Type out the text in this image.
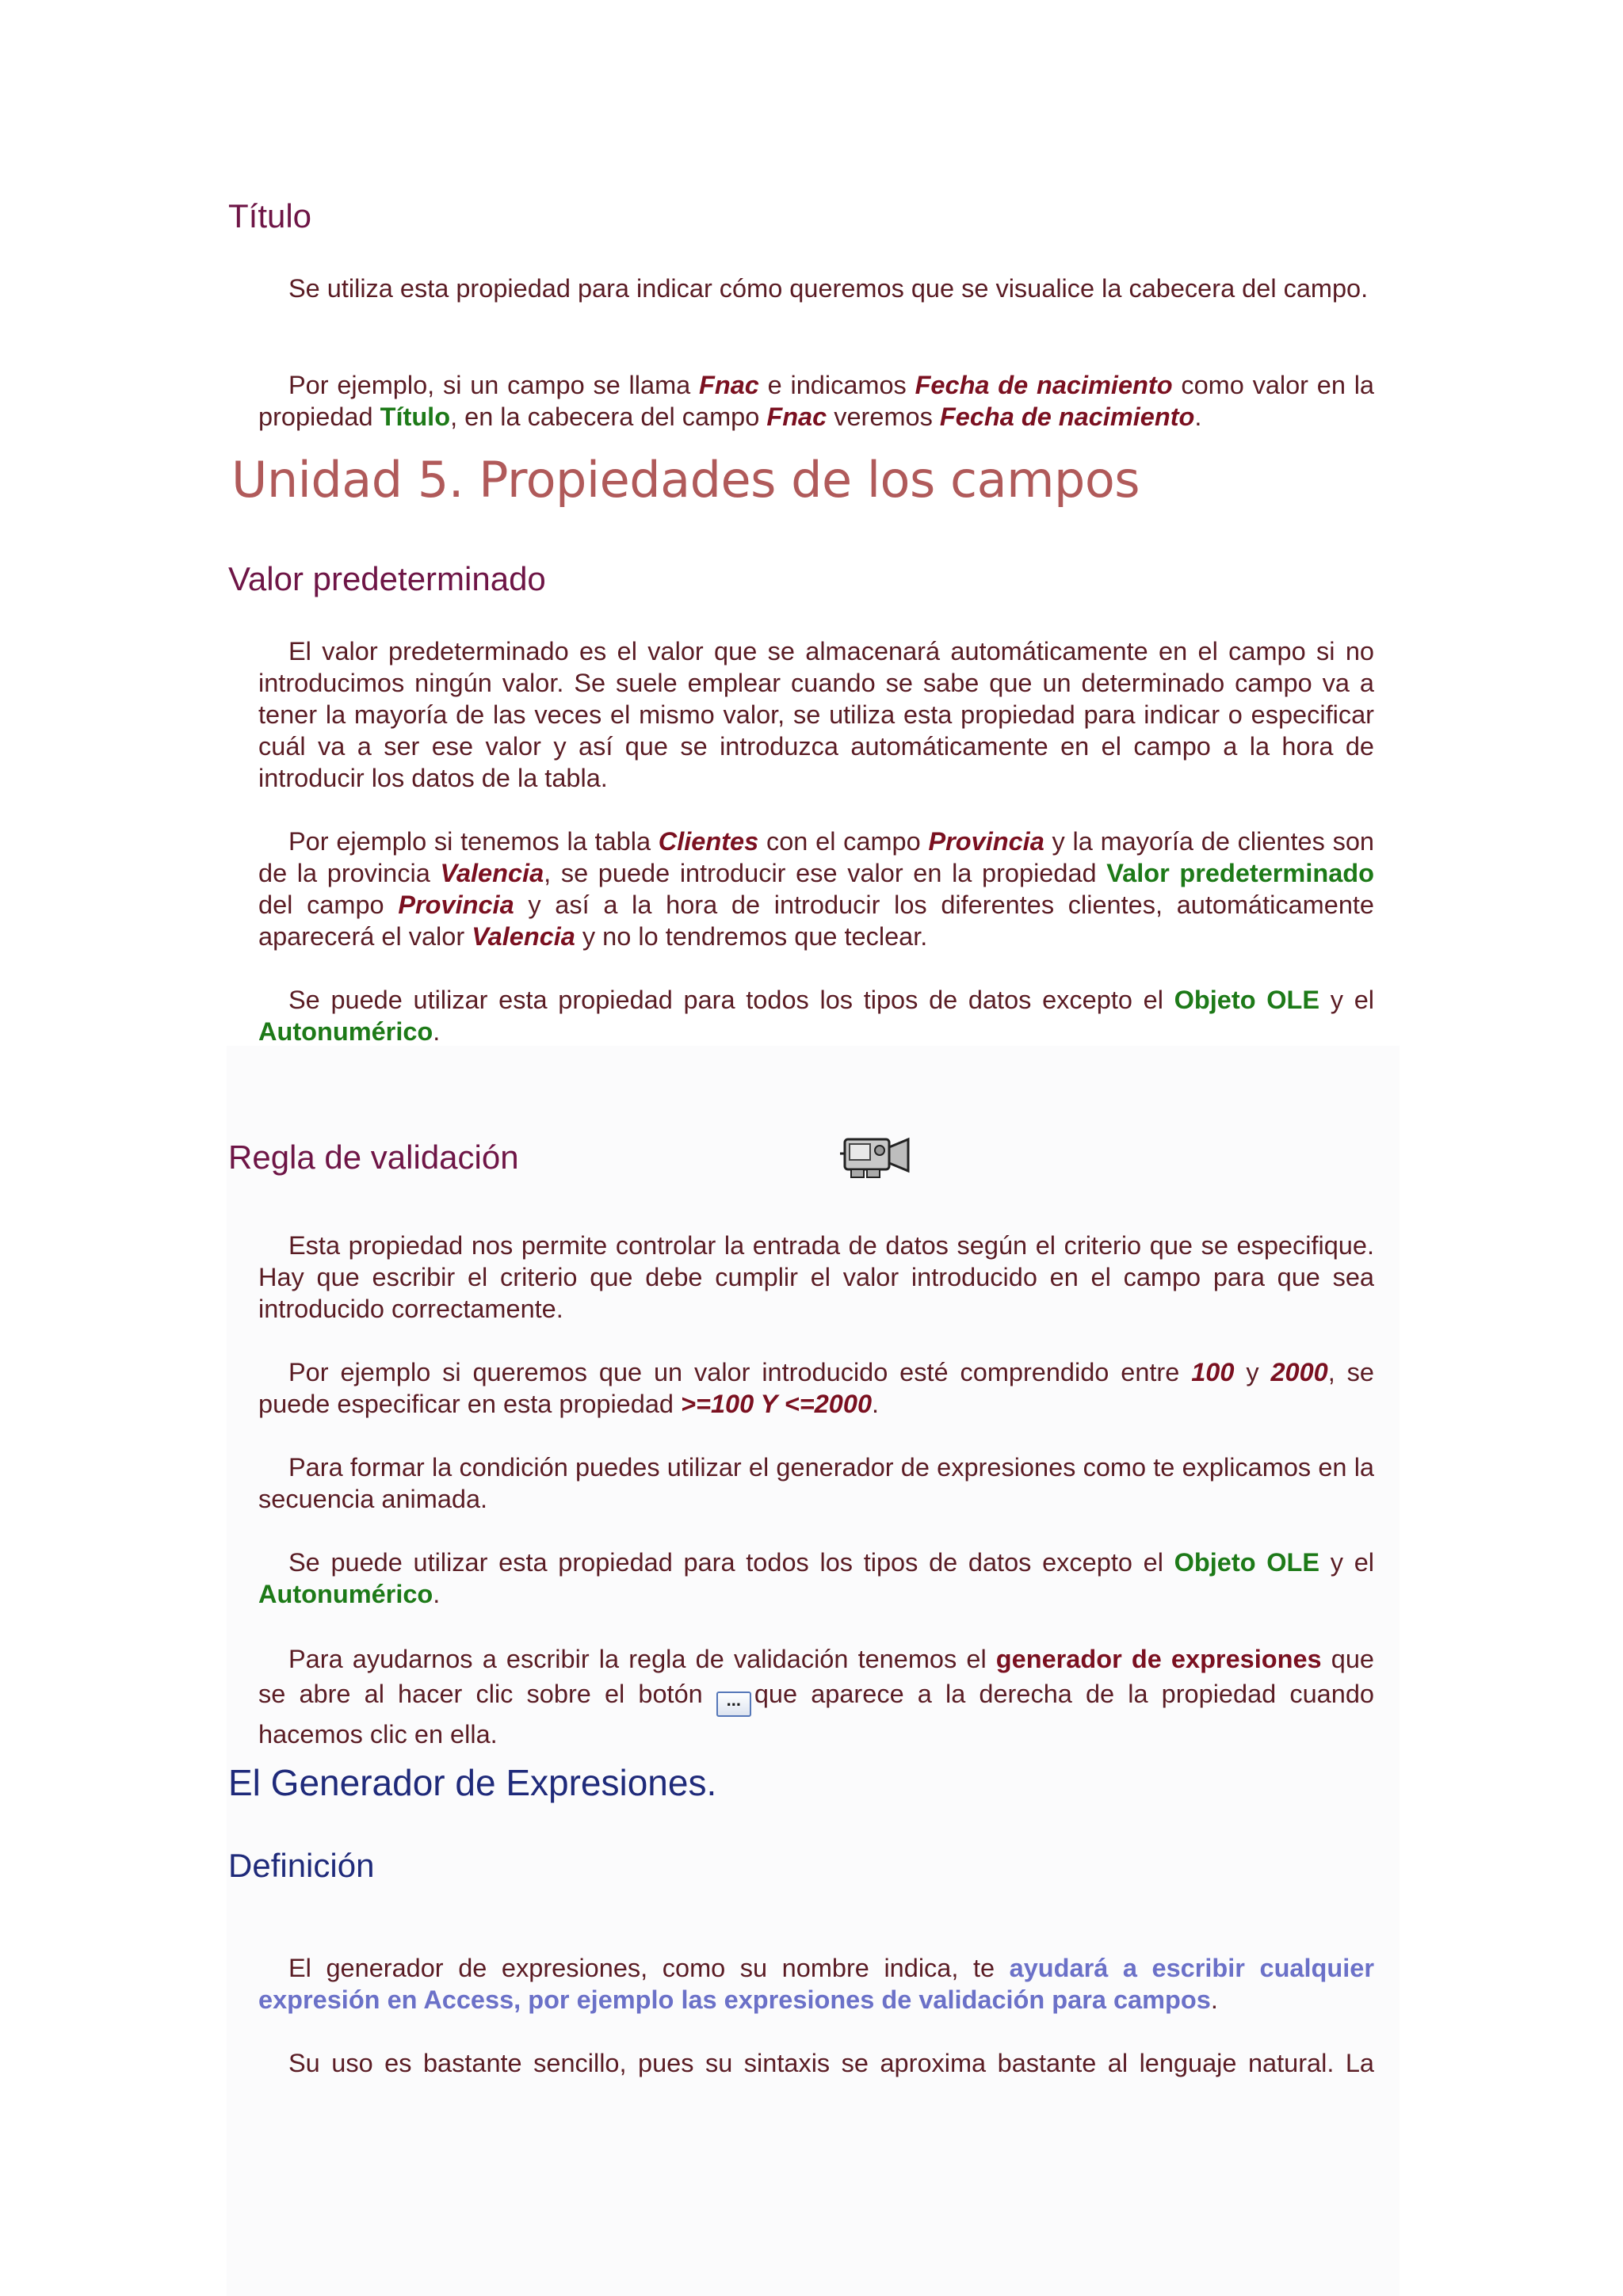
Título

Se utiliza esta propiedad para indicar cómo queremos que se visualice la cabecera del campo.

Por ejemplo, si un campo se llama Fnac e indicamos Fecha de nacimiento como valor en la propiedad Título, en la cabecera del campo Fnac veremos Fecha de nacimiento.

Unidad 5. Propiedades de los campos
Valor predeterminado

El valor predeterminado es el valor que se almacenará automáticamente en el campo si no introducimos ningún valor. Se suele emplear cuando se sabe que un determinado campo va a tener la mayoría de las veces el mismo valor, se utiliza esta propiedad para indicar o especificar cuál va a ser ese valor y así que se introduzca automáticamente en el campo a la hora de introducir los datos de la tabla.

Por ejemplo si tenemos la tabla Clientes con el campo Provincia y la mayoría de clientes son de la provincia Valencia, se puede introducir ese valor en la propiedad Valor predeterminado del campo Provincia y así a la hora de introducir los diferentes clientes, automáticamente aparecerá el valor Valencia y no lo tendremos que teclear.

Se puede utilizar esta propiedad para todos los tipos de datos excepto el Objeto OLE y el Autonumérico.

Regla de validación

Esta propiedad nos permite controlar la entrada de datos según el criterio que se especifique. Hay que escribir el criterio que debe cumplir el valor introducido en el campo para que sea introducido correctamente.

Por ejemplo si queremos que un valor introducido esté comprendido entre 100 y 2000, se puede especificar en esta propiedad >=100 Y <=2000.

Para formar la condición puedes utilizar el generador de expresiones como te explicamos en la secuencia animada.

Se puede utilizar esta propiedad para todos los tipos de datos excepto el Objeto OLE y el Autonumérico.

Para ayudarnos a escribir la regla de validación tenemos el generador de expresiones que se abre al hacer clic sobre el botón ... que aparece a la derecha de la propiedad cuando hacemos clic en ella.

El Generador de Expresiones.
Definición

El generador de expresiones, como su nombre indica, te ayudará a escribir cualquier expresión en Access, por ejemplo las expresiones de validación para campos.

Su uso es bastante sencillo, pues su sintaxis se aproxima bastante al lenguaje natural. La
